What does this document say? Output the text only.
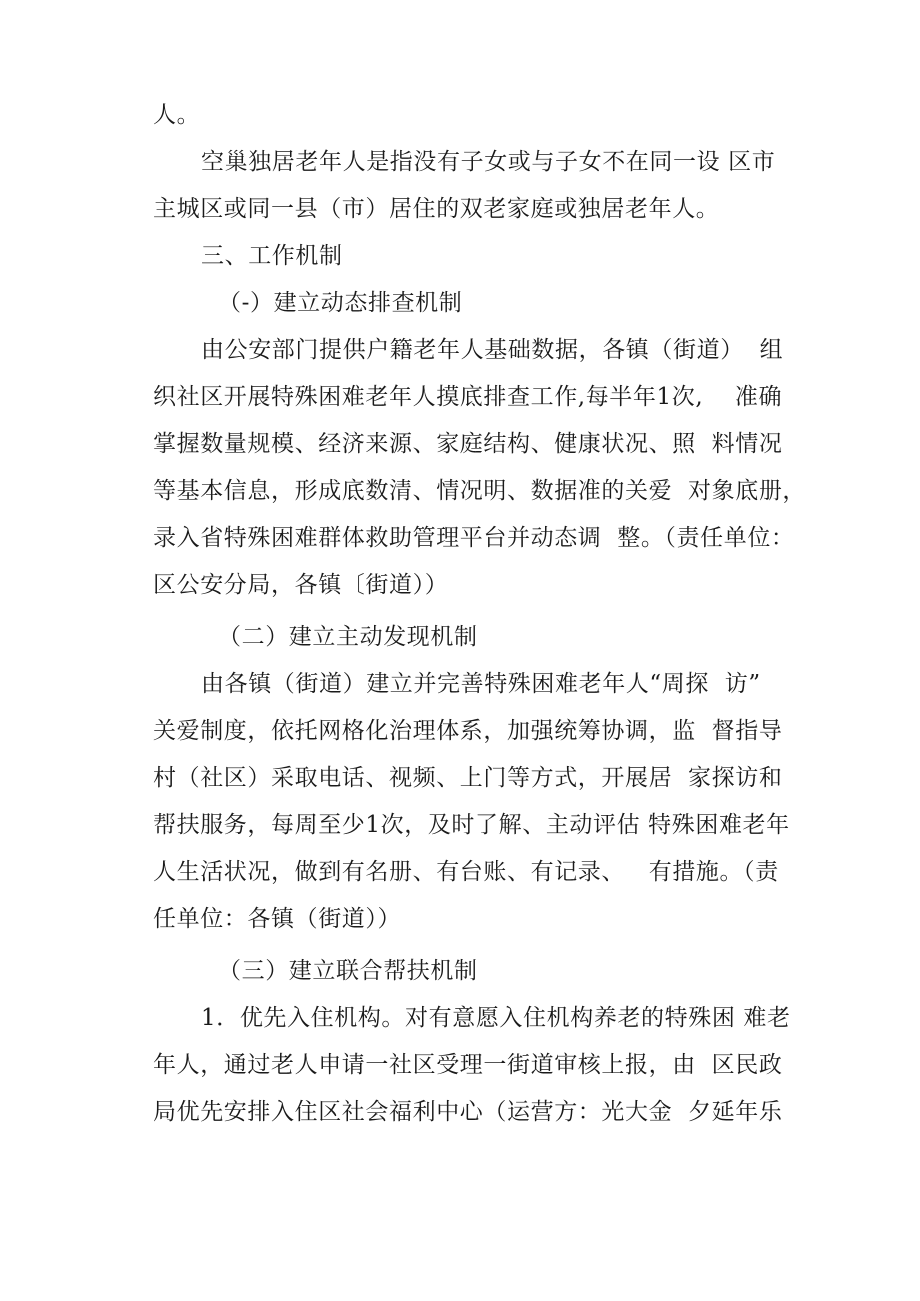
人。
空巢独居老年人是指没有子女或与子女不在同一设 区市
主城区或同一县（市）居住的双老家庭或独居老年人。
三、工作机制
（-）建立动态排查机制
由公安部门提供户籍老年人基础数据，各镇（街道）  组
织社区开展特殊困难老年人摸底排查工作,每半年1次,    准确
掌握数量规模、经济来源、家庭结构、健康状况、照  料情况
等基本信息，形成底数清、情况明、数据准的关爱  对象底册，
录入省特殊困难群体救助管理平台并动态调  整。（责任单位：
区公安分局，各镇〔街道））
（二）建立主动发现机制
由各镇（街道）建立并完善特殊困难老年人“周探  访”
关爱制度，依托网格化治理体系，加强统筹协调，监  督指导
村（社区）采取电话、视频、上门等方式，开展居  家探访和
帮扶服务，每周至少1次，及时了解、主动评估 特殊困难老年
人生活状况，做到有名册、有台账、有记录、   有措施。（责
任单位：各镇（街道））
（三）建立联合帮扶机制
1．优先入住机构。对有意愿入住机构养老的特殊困 难老
年人，通过老人申请一社区受理一街道审核上报，由  区民政
局优先安排入住区社会福利中心（运营方：光大金  夕延年乐
